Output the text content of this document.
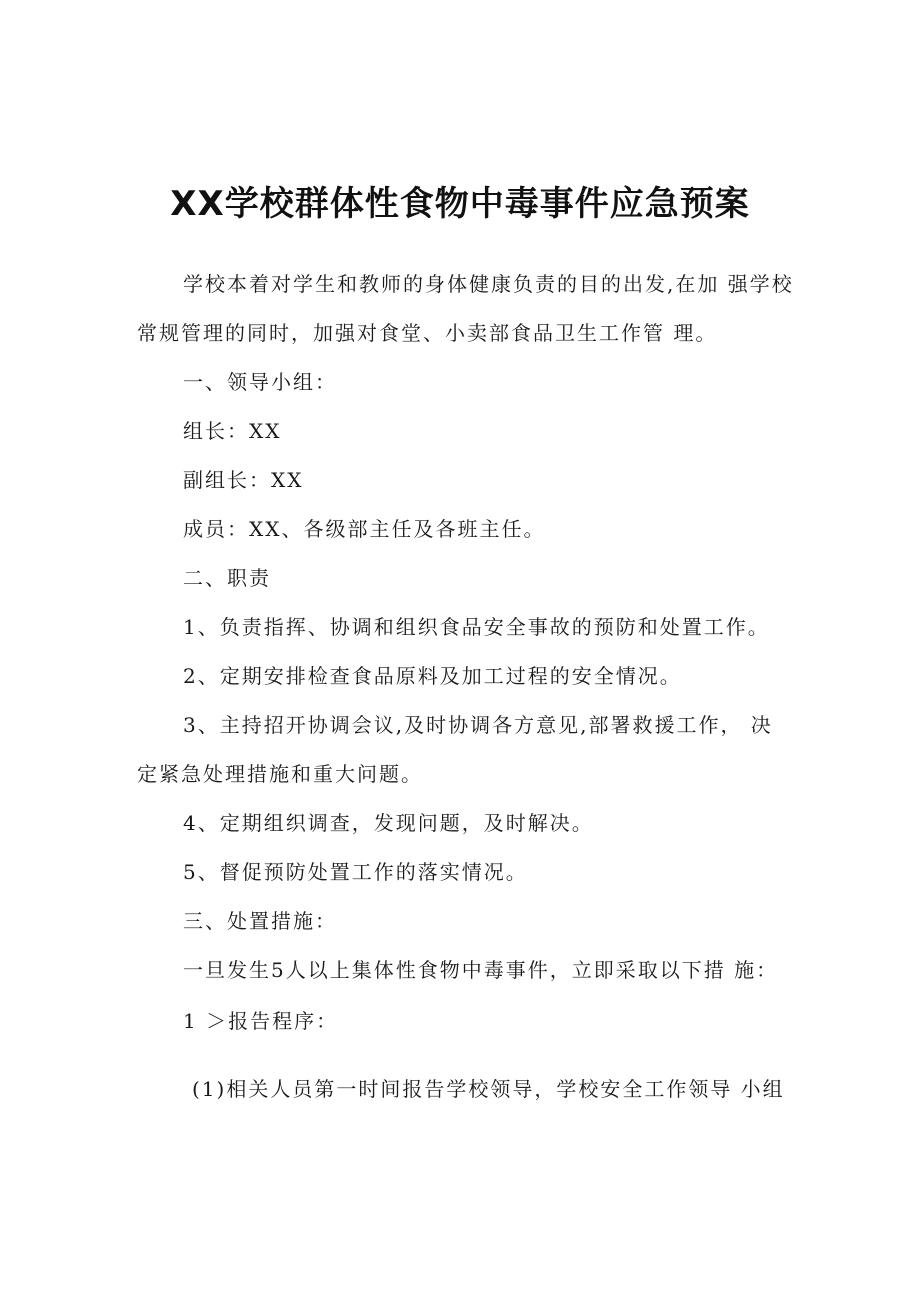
XX学校群体性食物中毒事件应急预案
学校本着对学生和教师的身体健康负责的目的出发,在加 强学校
常规管理的同时，加强对食堂、小卖部食品卫生工作管 理。
一、领导小组：
组长：XX
副组长：XX
成员：XX、各级部主任及各班主任。
二、职责
1、负责指挥、协调和组织食品安全事故的预防和处置工作。
2、定期安排检查食品原料及加工过程的安全情况。
3、主持招开协调会议,及时协调各方意见,部署救援工作， 决
定紧急处理措施和重大问题。
4、定期组织调查，发现问题，及时解决。
5、督促预防处置工作的落实情况。
三、处置措施：
一旦发生5人以上集体性食物中毒事件，立即采取以下措 施：
1 ＞报告程序：
(1)相关人员第一时间报告学校领导，学校安全工作领导 小组
